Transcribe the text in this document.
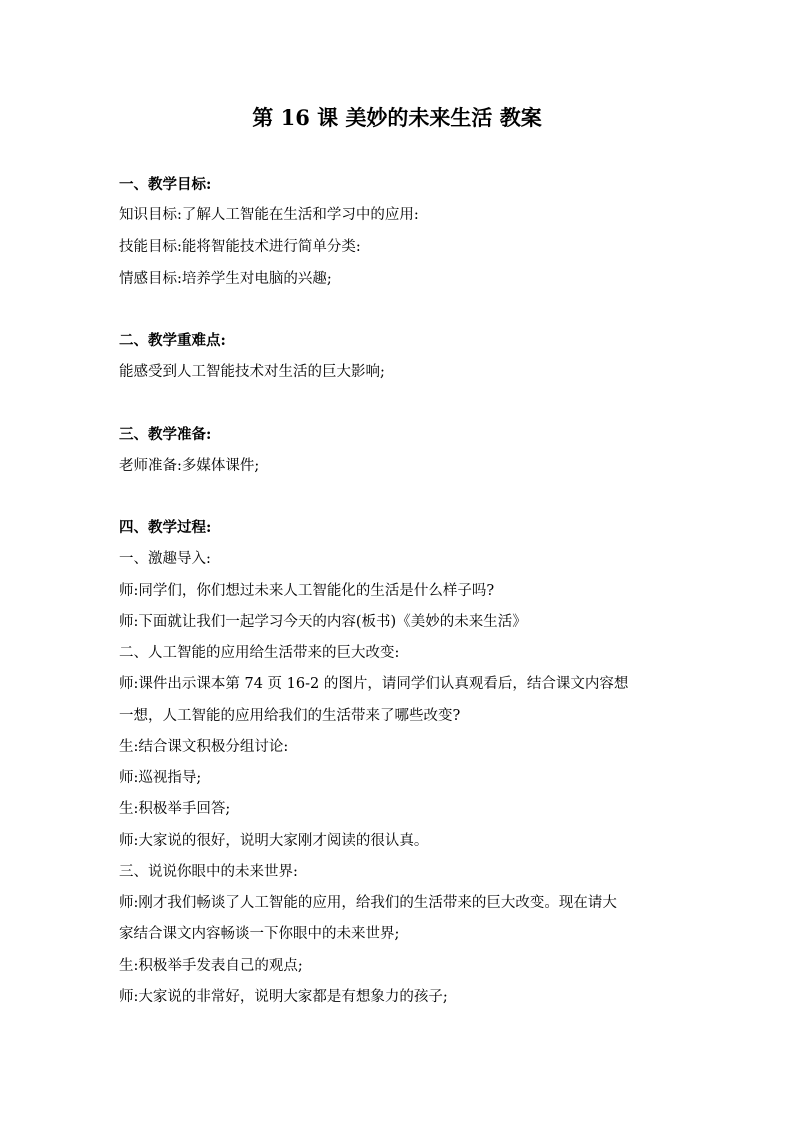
第 16 课 美妙的未来生活 教案
一、教学目标:
知识目标:了解人工智能在生活和学习中的应用:
技能目标:能将智能技术进行简单分类:
情感目标:培养学生对电脑的兴趣;
二、教学重难点:
能感受到人工智能技术对生活的巨大影响;
三、教学准备:
老师准备:多媒体课件;
四、教学过程:
一、激趣导入:
师:同学们，你们想过未来人工智能化的生活是什么样子吗?
师:下面就让我们一起学习今天的内容(板书)《美妙的未来生活》
二、人工智能的应用给生活带来的巨大改变:
师:课件出示课本第 74 页 16-2 的图片，请同学们认真观看后，结合课文内容想
一想，人工智能的应用给我们的生活带来了哪些改变?
生:结合课文积极分组讨论:
师:巡视指导;
生:积极举手回答;
师:大家说的很好，说明大家刚才阅读的很认真。
三、说说你眼中的未来世界:
师:刚才我们畅谈了人工智能的应用，给我们的生活带来的巨大改变。现在请大
家结合课文内容畅谈一下你眼中的未来世界;
生:积极举手发表自己的观点;
师:大家说的非常好，说明大家都是有想象力的孩子;
